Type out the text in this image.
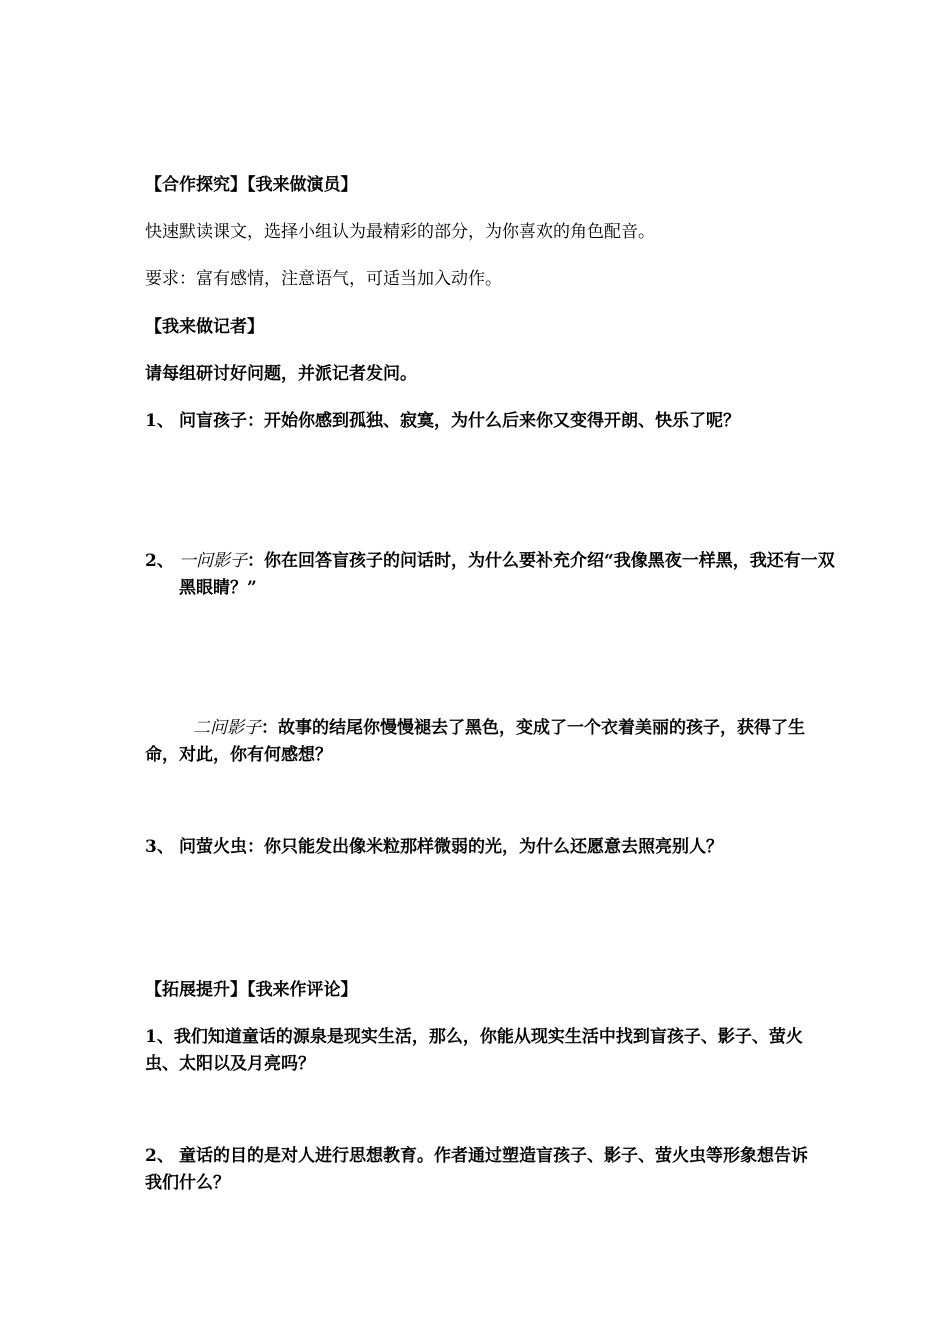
【合作探究】【我来做演员】
快速默读课文，选择小组认为最精彩的部分，为你喜欢的角色配音。
要求：富有感情，注意语气，可适当加入动作。
【我来做记者】
请每组研讨好问题，并派记者发问。
1、 问盲孩子：开始你感到孤独、寂寞，为什么后来你又变得开朗、快乐了呢？
2、 一问影子：你在回答盲孩子的问话时，为什么要补充介绍“我像黑夜一样黑，我还有一双黑眼睛？”
二问影子：故事的结尾你慢慢褪去了黑色，变成了一个衣着美丽的孩子，获得了生命，对此，你有何感想？
3、 问萤火虫：你只能发出像米粒那样微弱的光，为什么还愿意去照亮别人？
【拓展提升】【我来作评论】
1、我们知道童话的源泉是现实生活，那么，你能从现实生活中找到盲孩子、影子、萤火虫、太阳以及月亮吗？
2、 童话的目的是对人进行思想教育。作者通过塑造盲孩子、影子、萤火虫等形象想告诉我们什么？
